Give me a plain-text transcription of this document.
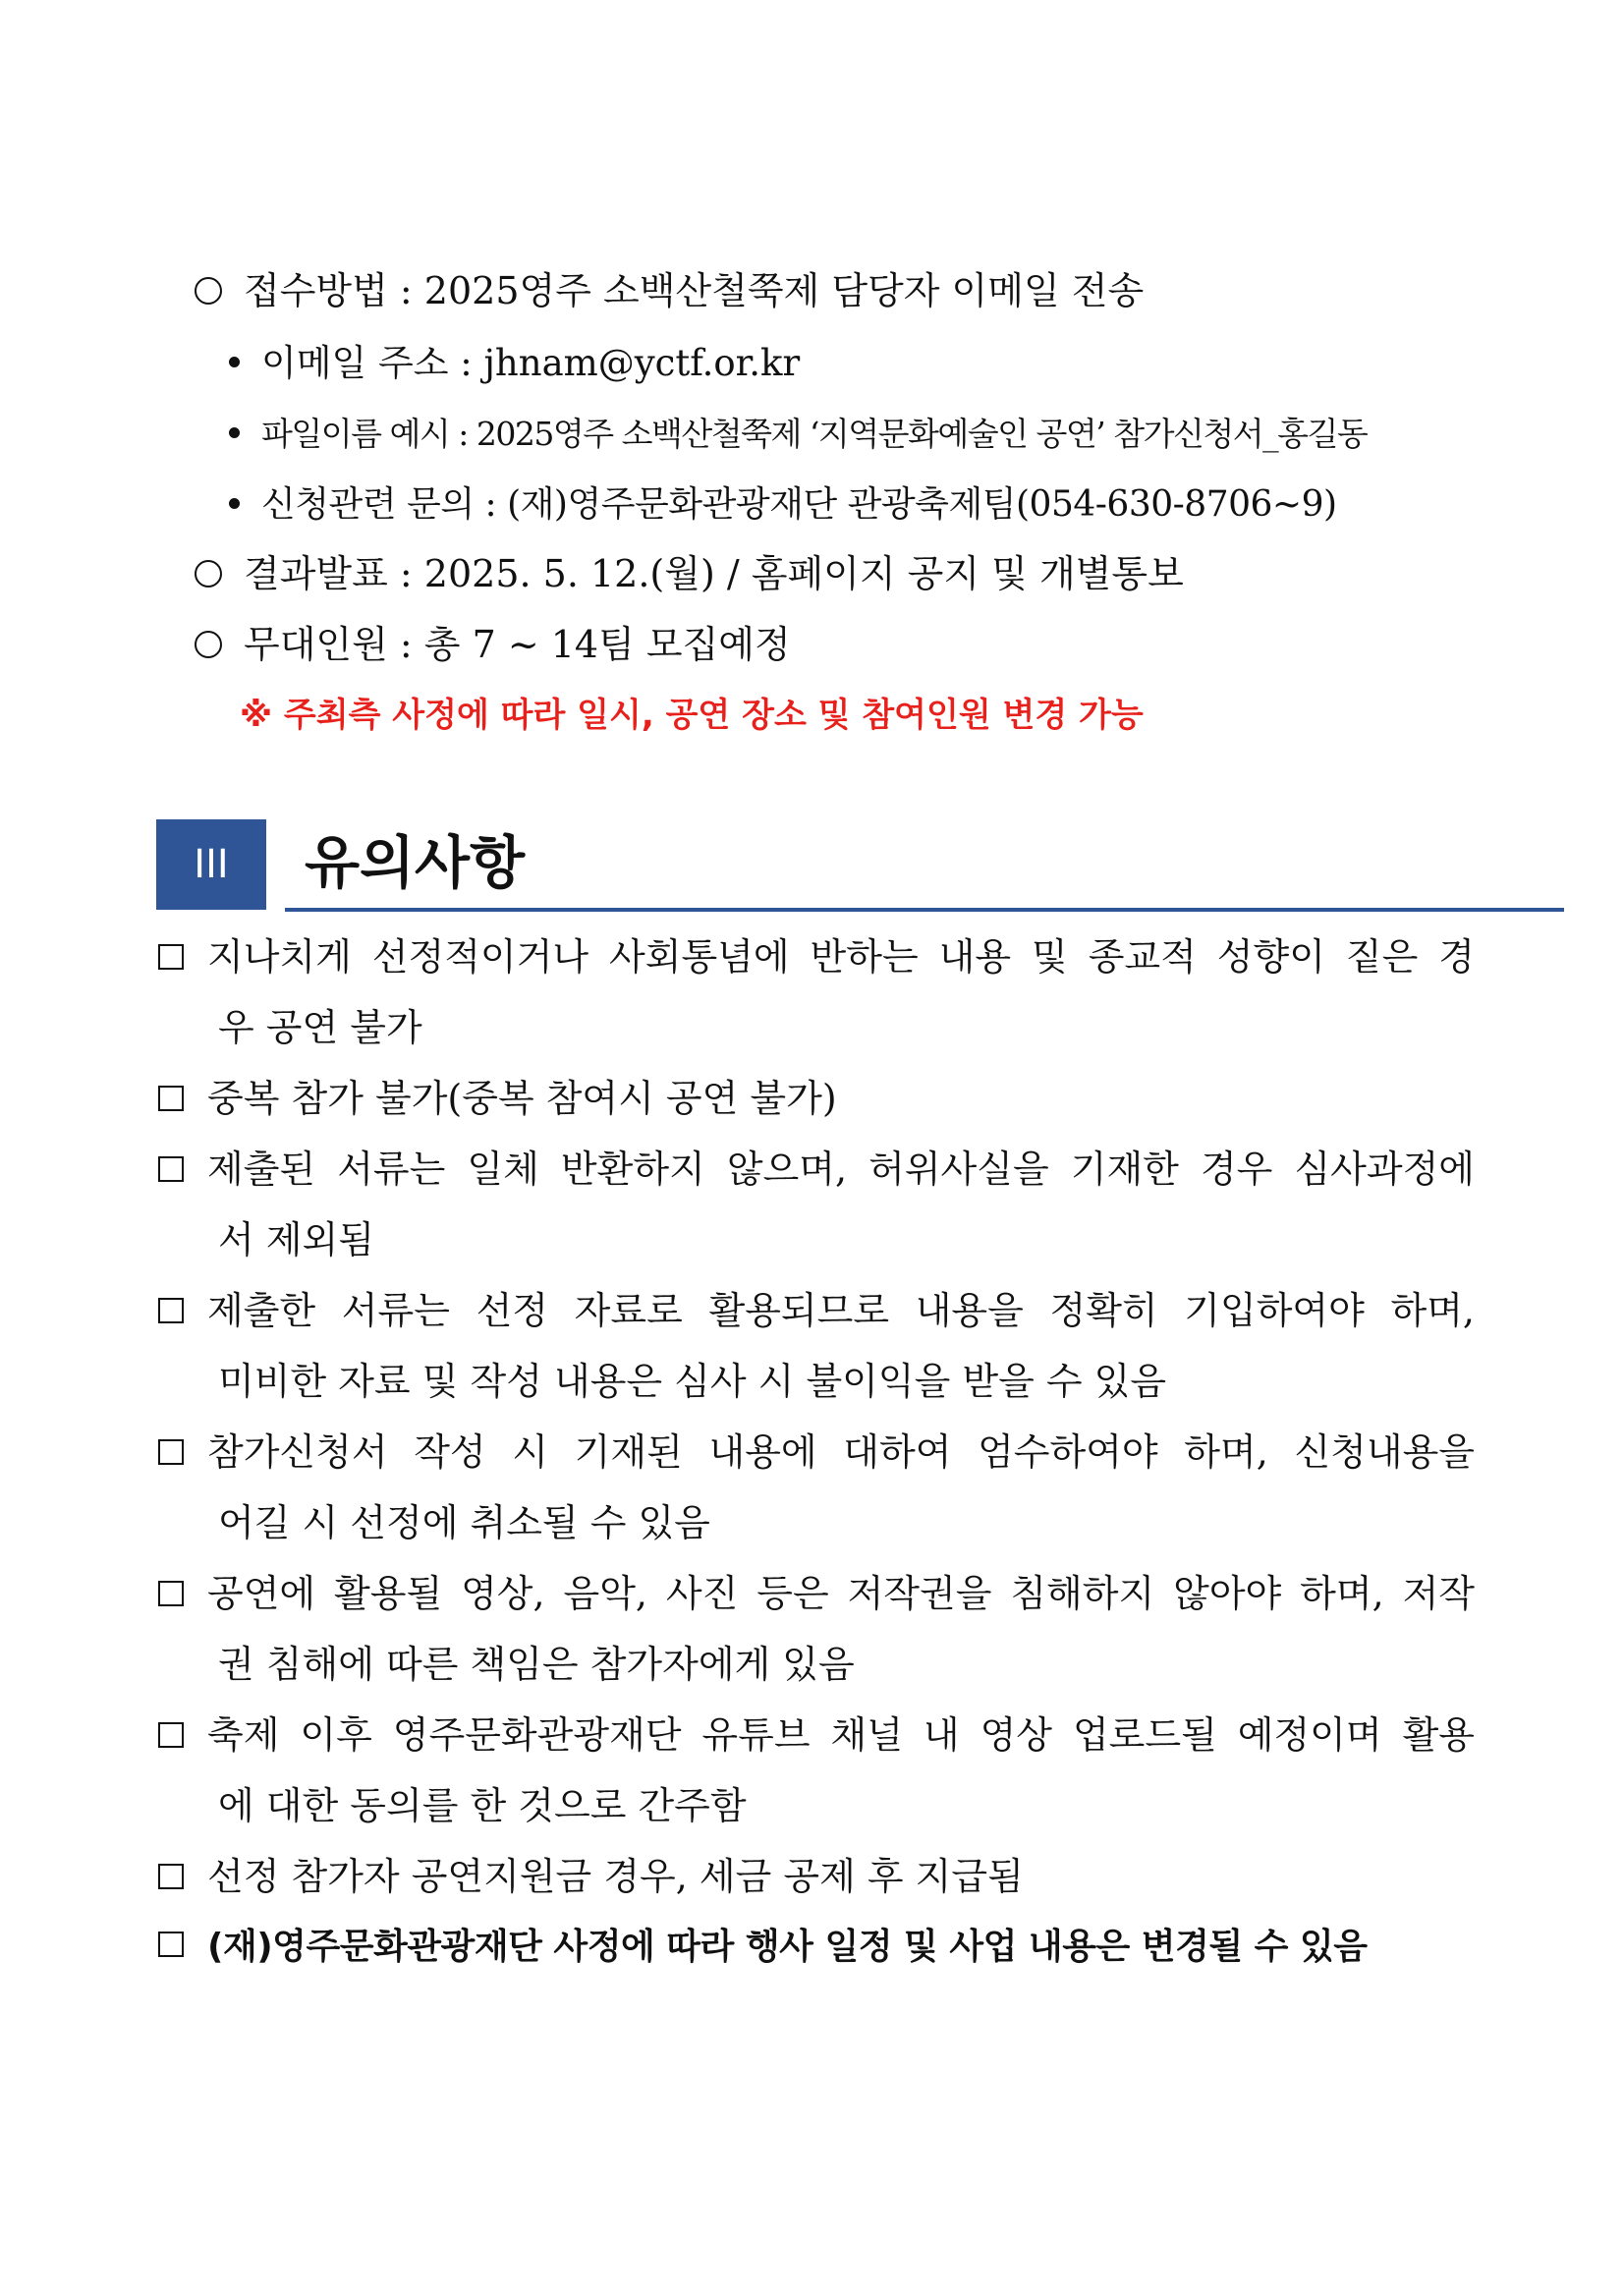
접수방법 : 2025영주 소백산철쭉제 담당자 이메일 전송
이메일 주소 : jhnam@yctf.or.kr
파일이름 예시 : 2025영주 소백산철쭉제 ‘지역문화예술인 공연’ 참가신청서_홍길동
신청관련 문의 : (재)영주문화관광재단 관광축제팀(054-630-8706~9)
결과발표 : 2025. 5. 12.(월) / 홈페이지 공지 및 개별통보
무대인원 : 총 7 ~ 14팀 모집예정
※ 주최측 사정에 따라 일시, 공연 장소 및 참여인원 변경 가능
III	유의사항
지나치게 선정적이거나 사회통념에 반하는 내용 및 종교적 성향이 짙은 경
우 공연 불가
중복 참가 불가(중복 참여시 공연 불가)
제출된 서류는 일체 반환하지 않으며, 허위사실을 기재한 경우 심사과정에
서 제외됨
제출한 서류는 선정 자료로 활용되므로 내용을 정확히 기입하여야 하며,
미비한 자료 및 작성 내용은 심사 시 불이익을 받을 수 있음
참가신청서 작성 시 기재된 내용에 대하여 엄수하여야 하며, 신청내용을
어길 시 선정에 취소될 수 있음
공연에 활용될 영상, 음악, 사진 등은 저작권을 침해하지 않아야 하며, 저작
권 침해에 따른 책임은 참가자에게 있음
축제 이후 영주문화관광재단 유튜브 채널 내 영상 업로드될 예정이며 활용
에 대한 동의를 한 것으로 간주함
선정 참가자 공연지원금 경우, 세금 공제 후 지급됨
(재)영주문화관광재단 사정에 따라 행사 일정 및 사업 내용은 변경될 수 있음
